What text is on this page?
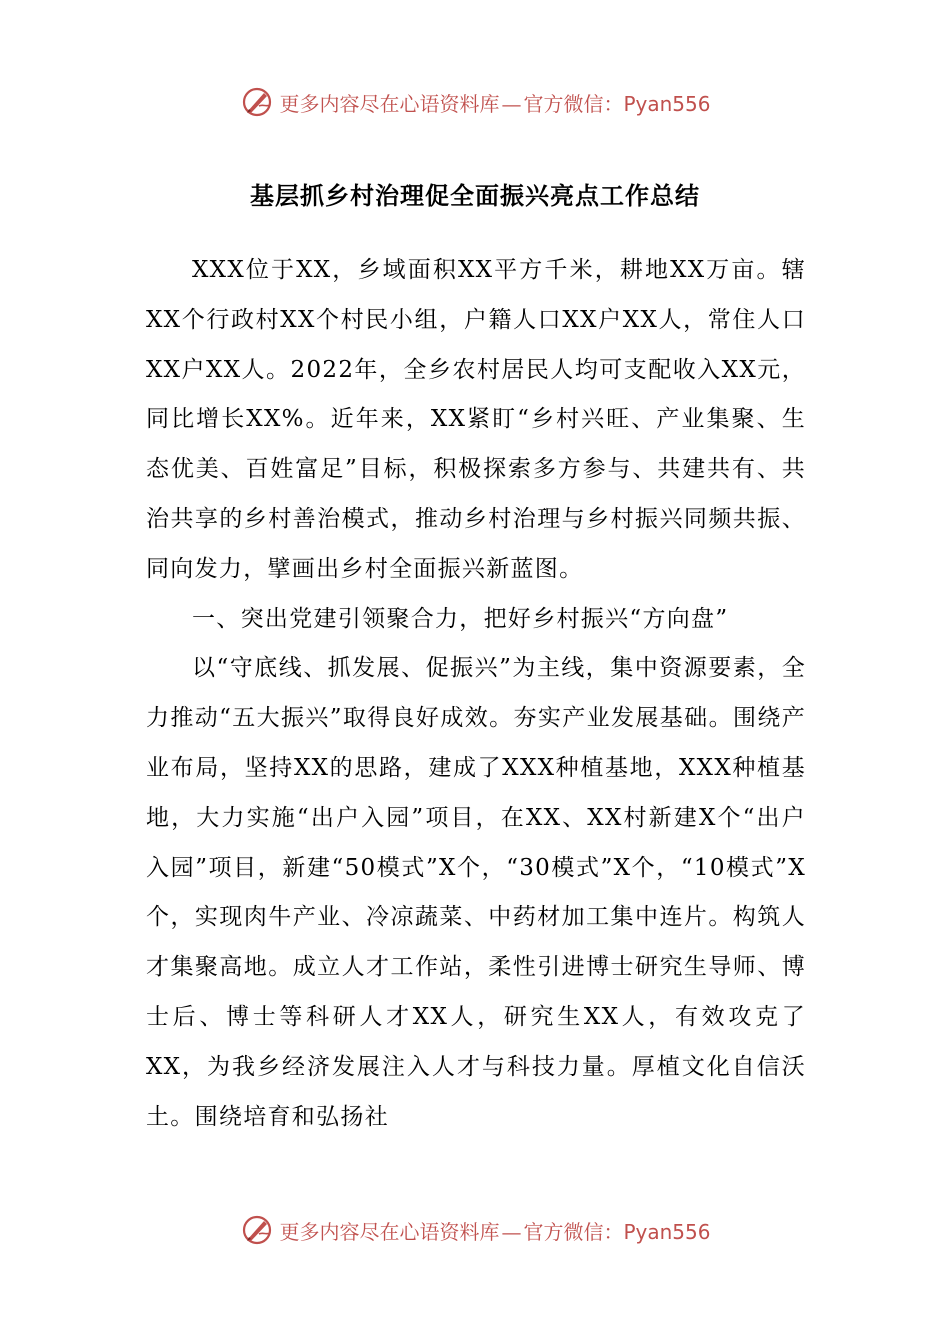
更多内容尽在心语资料库 — 官方微信：Pyan556
基层抓乡村治理促全面振兴亮点工作总结

XXX位于XX，乡域面积XX平方千米，耕地XX万亩。辖XX个行政村XX个村民小组，户籍人口XX户XX人，常住人口XX户XX人。2022年，全乡农村居民人均可支配收入XX元，同比增长XX%。近年来，XX紧盯“乡村兴旺、产业集聚、生态优美、百姓富足”目标，积极探索多方参与、共建共有、共治共享的乡村善治模式，推动乡村治理与乡村振兴同频共振、同向发力，擘画出乡村全面振兴新蓝图。

一、突出党建引领聚合力，把好乡村振兴“方向盘”

以“守底线、抓发展、促振兴”为主线，集中资源要素，全力推动“五大振兴”取得良好成效。夯实产业发展基础。围绕产业布局，坚持XX的思路，建成了XXX种植基地，XXX种植基地，大力实施“出户入园”项目，在XX、XX村新建X个“出户入园”项目，新建“50模式”X个，“30模式”X个，“10模式”X个，实现肉牛产业、冷凉蔬菜、中药材加工集中连片。构筑人才集聚高地。成立人才工作站，柔性引进博士研究生导师、博士后、博士等科研人才XX人，研究生XX人，有效攻克了XX，为我乡经济发展注入人才与科技力量。厚植文化自信沃土。围绕培育和弘扬社

更多内容尽在心语资料库 — 官方微信：Pyan556
